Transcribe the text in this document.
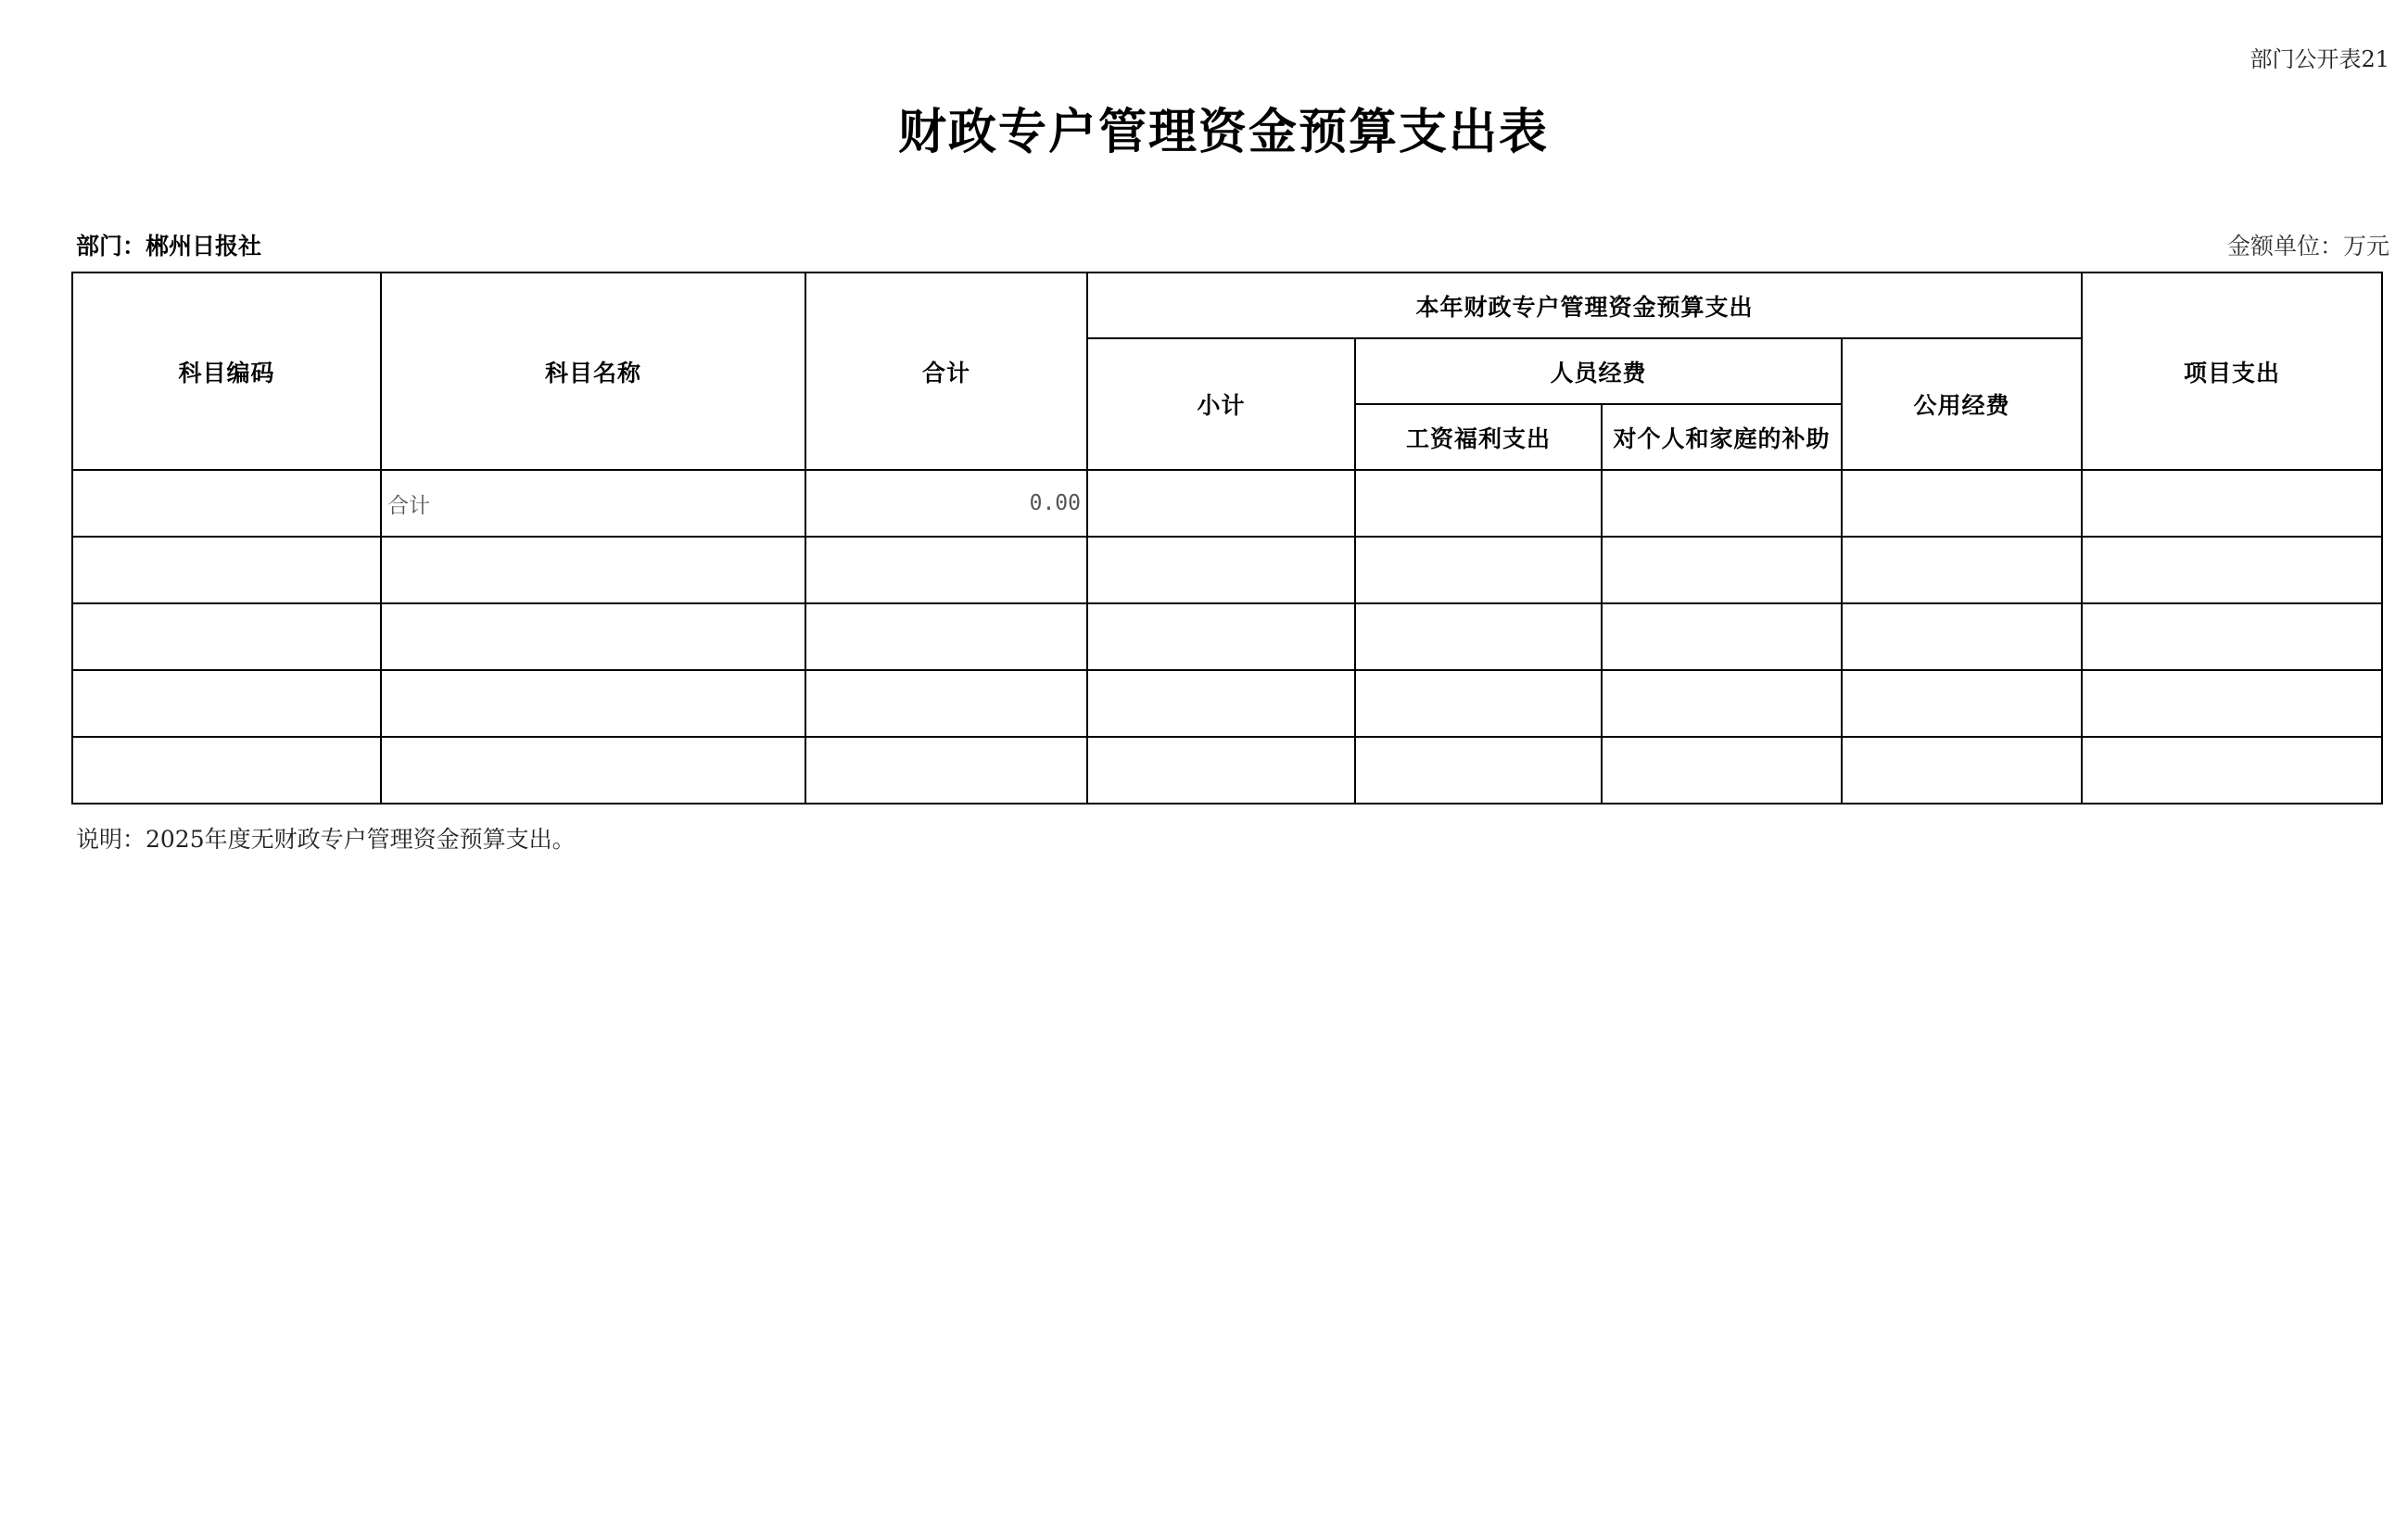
部门公开表21
财政专户管理资金预算支出表
部门：郴州日报社	金额单位：万元
科目编码	科目名称	合计	本年财政专户管理资金预算支出				项目支出
			小计	人员经费		公用经费	
				工资福利支出	对个人和家庭的补助		
	合计	0.00					

说明：2025年度无财政专户管理资金预算支出。
